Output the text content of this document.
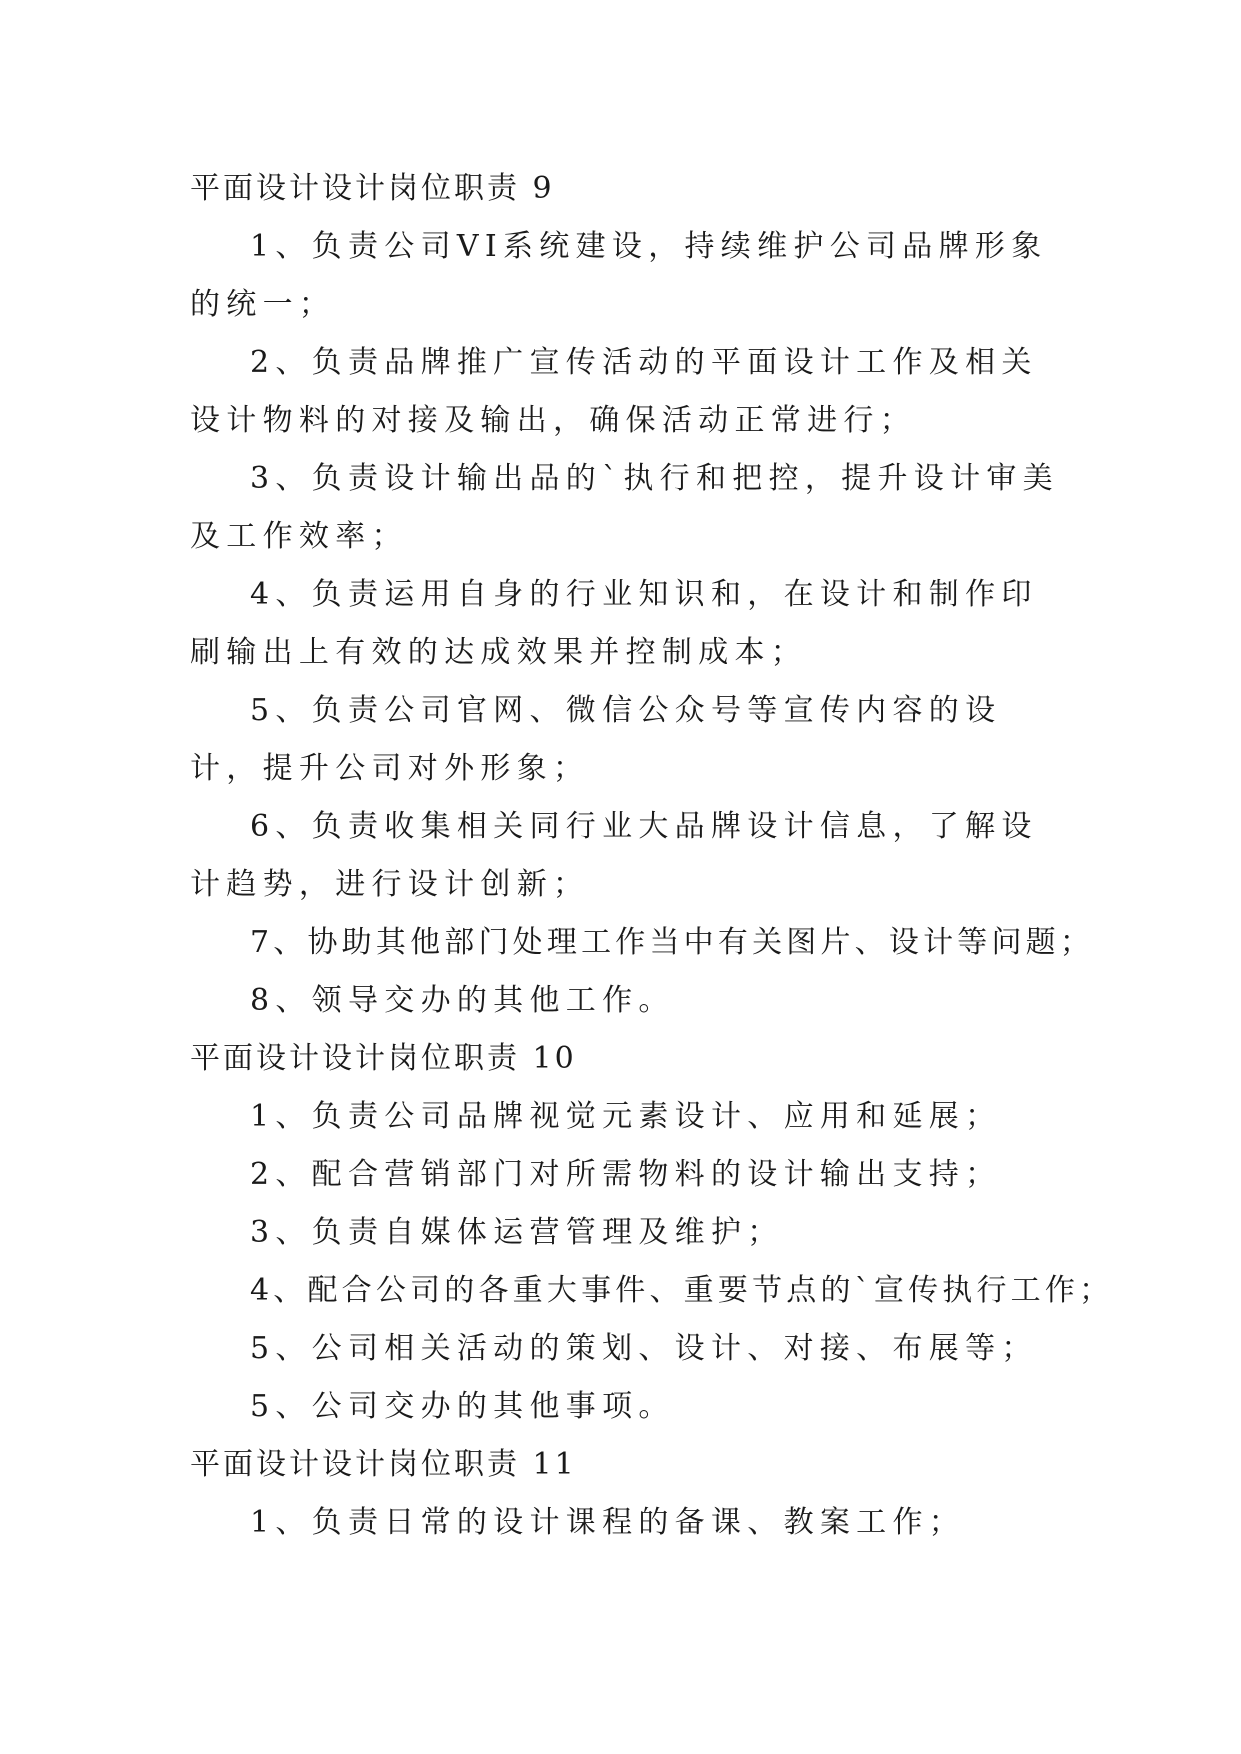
平面设计设计岗位职责 9

1、负责公司VI系统建设，持续维护公司品牌形象的统一；

2、负责品牌推广宣传活动的平面设计工作及相关设计物料的对接及输出，确保活动正常进行；

3、负责设计输出品的`执行和把控，提升设计审美及工作效率；

4、负责运用自身的行业知识和，在设计和制作印刷输出上有效的达成效果并控制成本；

5、负责公司官网、微信公众号等宣传内容的设计，提升公司对外形象；

6、负责收集相关同行业大品牌设计信息，了解设计趋势，进行设计创新；

7、协助其他部门处理工作当中有关图片、设计等问题；

8、领导交办的其他工作。

平面设计设计岗位职责 10

1、负责公司品牌视觉元素设计、应用和延展；

2、配合营销部门对所需物料的设计输出支持；

3、负责自媒体运营管理及维护；

4、配合公司的各重大事件、重要节点的`宣传执行工作；

5、公司相关活动的策划、设计、对接、布展等；

5、公司交办的其他事项。

平面设计设计岗位职责 11

1、负责日常的设计课程的备课、教案工作；
